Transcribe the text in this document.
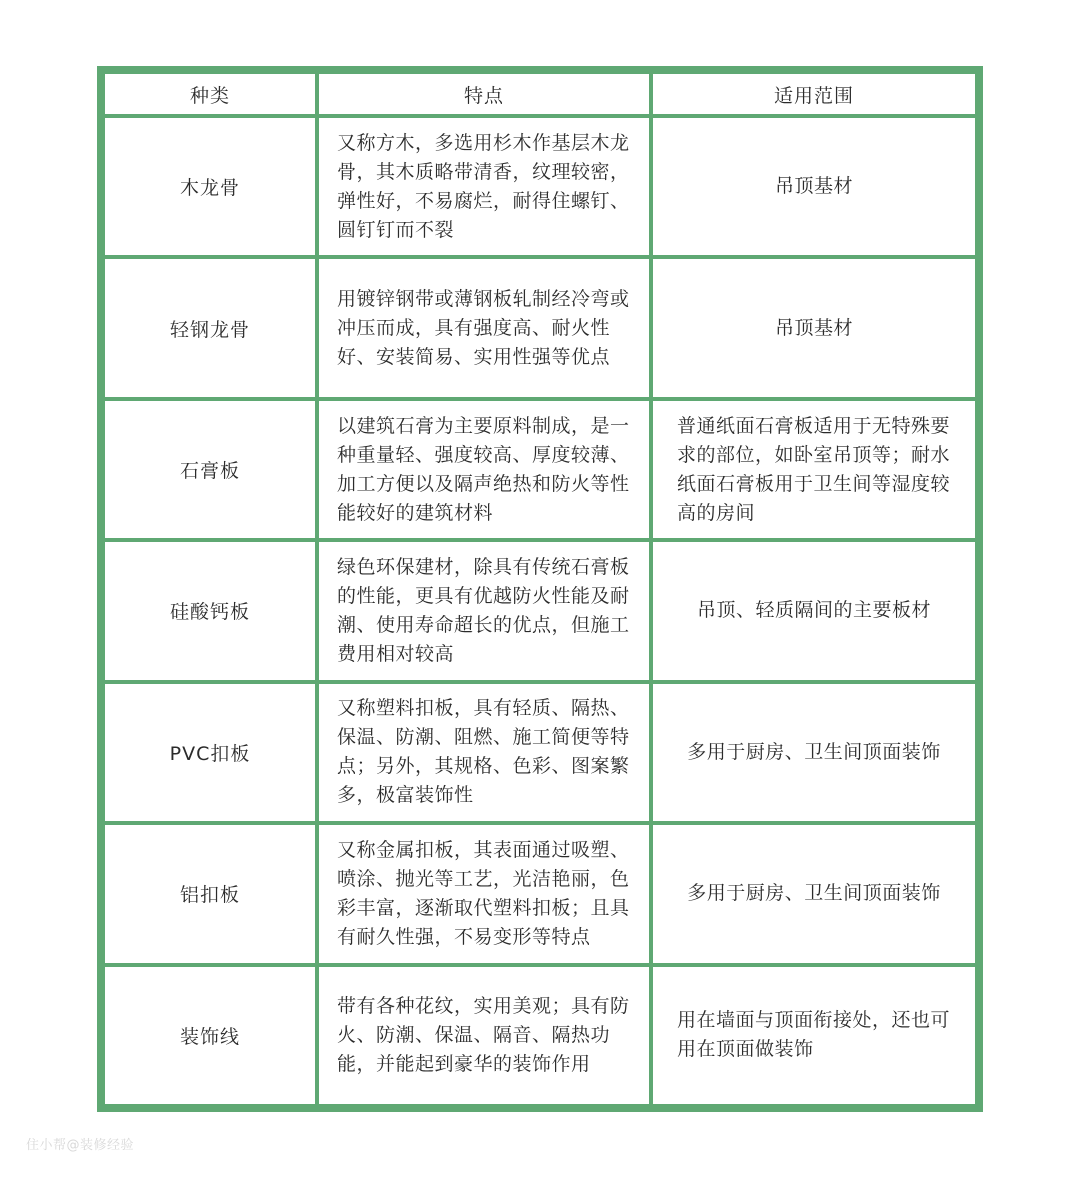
种类	特点	适用范围
木龙骨	又称方木，多选用杉木作基层木龙骨，其木质略带清香，纹理较密，弹性好，不易腐烂，耐得住螺钉、圆钉钉而不裂	吊顶基材
轻钢龙骨	用镀锌钢带或薄钢板轧制经冷弯或冲压而成，具有强度高、耐火性好、安装简易、实用性强等优点	吊顶基材
石膏板	以建筑石膏为主要原料制成，是一种重量轻、强度较高、厚度较薄、加工方便以及隔声绝热和防火等性能较好的建筑材料	普通纸面石膏板适用于无特殊要求的部位，如卧室吊顶等；耐水纸面石膏板用于卫生间等湿度较高的房间
硅酸钙板	绿色环保建材，除具有传统石膏板的性能，更具有优越防火性能及耐潮、使用寿命超长的优点，但施工费用相对较高	吊顶、轻质隔间的主要板材
PVC扣板	又称塑料扣板，具有轻质、隔热、保温、防潮、阻燃、施工简便等特点；另外，其规格、色彩、图案繁多，极富装饰性	多用于厨房、卫生间顶面装饰
铝扣板	又称金属扣板，其表面通过吸塑、喷涂、抛光等工艺，光洁艳丽，色彩丰富，逐渐取代塑料扣板；且具有耐久性强，不易变形等特点	多用于厨房、卫生间顶面装饰
装饰线	带有各种花纹，实用美观；具有防火、防潮、保温、隔音、隔热功能，并能起到豪华的装饰作用	用在墙面与顶面衔接处，还也可用在顶面做装饰
住小帮@装修经验
